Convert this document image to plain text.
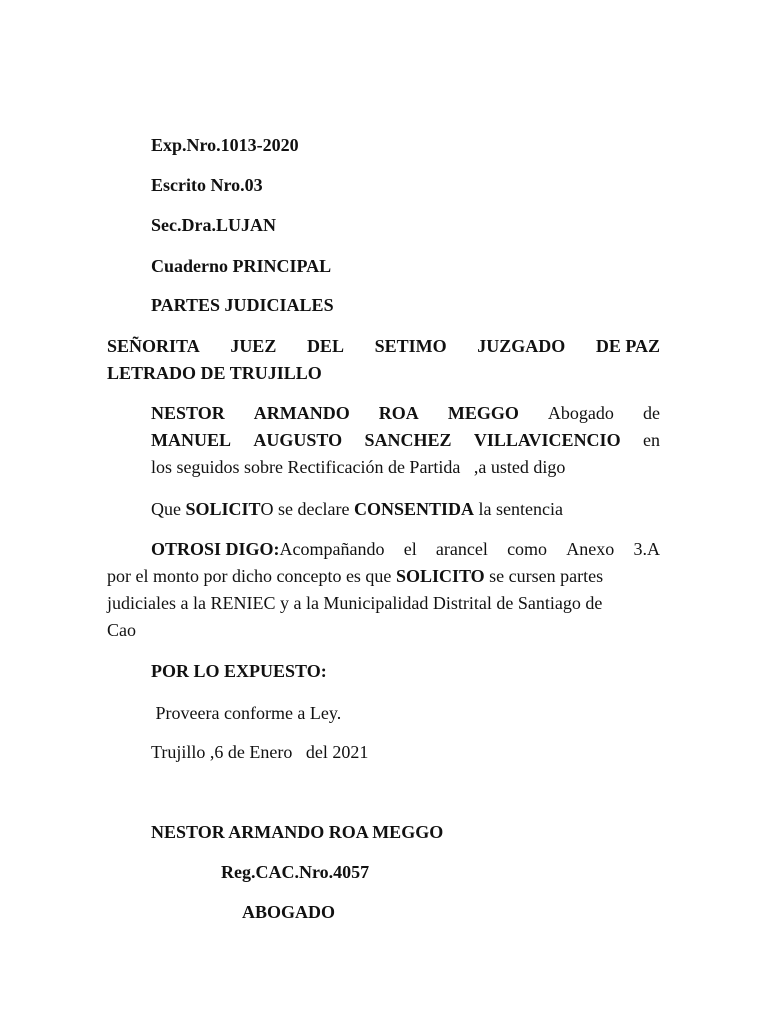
Exp.Nro.1013-2020
Escrito Nro.03
Sec.Dra.LUJAN
Cuaderno PRINCIPAL
PARTES JUDICIALES
SEÑORITA JUEZ DEL SETIMO JUZGADO DE PAZ
LETRADO DE TRUJILLO
NESTOR ARMANDO ROA MEGGO Abogado de
MANUEL AUGUSTO SANCHEZ VILLAVICENCIO en
los seguidos sobre Rectificación de Partida   ,a usted digo
Que SOLICITO se declare CONSENTIDA la sentencia
OTROSI DIGO:Acompañando el arancel como Anexo 3.A
por el monto por dicho concepto es que SOLICITO se cursen partes
judiciales a la RENIEC y a la Municipalidad Distrital de Santiago de
Cao
POR LO EXPUESTO:
Proveera conforme a Ley.
Trujillo ,6 de Enero   del 2021
NESTOR ARMANDO ROA MEGGO
Reg.CAC.Nro.4057
ABOGADO
